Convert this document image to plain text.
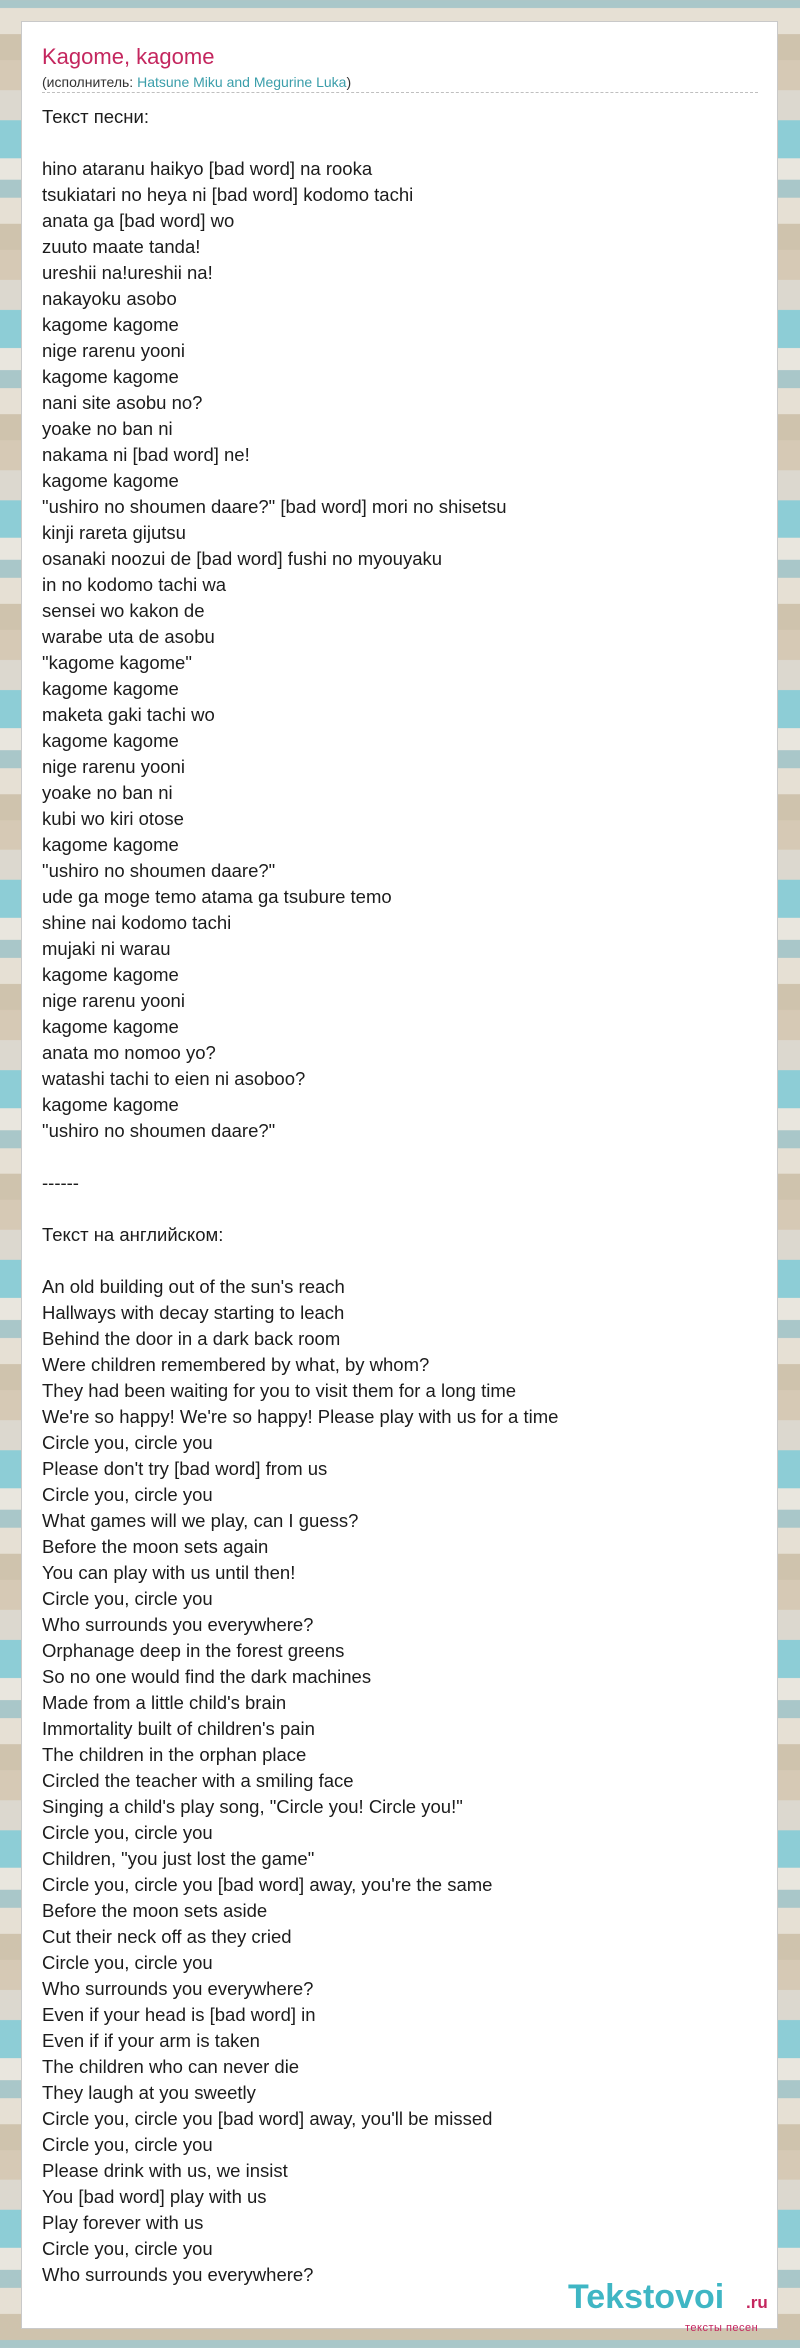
Kagome, kagome
(исполнитель: Hatsune Miku and Megurine Luka)
Текст песни:
hino ataranu haikyo [bad word] na rooka
tsukiatari no heya ni [bad word] kodomo tachi
anata ga [bad word] wo
zuuto maate tanda!
ureshii na!ureshii na!
nakayoku asobo
kagome kagome
nige rarenu yooni
kagome kagome
nani site asobu no?
yoake no ban ni
nakama ni [bad word] ne!
kagome kagome
"ushiro no shoumen daare?" [bad word] mori no shisetsu
kinji rareta gijutsu
osanaki noozui de [bad word] fushi no myouyaku
in no kodomo tachi wa
sensei wo kakon de
warabe uta de asobu
"kagome kagome"
kagome kagome
maketa gaki tachi wo
kagome kagome
nige rarenu yooni
yoake no ban ni
kubi wo kiri otose
kagome kagome
"ushiro no shoumen daare?"
ude ga moge temo atama ga tsubure temo
shine nai kodomo tachi
mujaki ni warau
kagome kagome
nige rarenu yooni
kagome kagome
anata mo nomoo yo?
watashi tachi to eien ni asoboo?
kagome kagome
"ushiro no shoumen daare?"
------
Текст на английском:
An old building out of the sun's reach
Hallways with decay starting to leach
Behind the door in a dark back room
Were children remembered by what, by whom?
They had been waiting for you to visit them for a long time
We're so happy! We're so happy! Please play with us for a time
Circle you, circle you
Please don't try [bad word] from us
Circle you, circle you
What games will we play, can I guess?
Before the moon sets again
You can play with us until then!
Circle you, circle you
Who surrounds you everywhere?
Orphanage deep in the forest greens
So no one would find the dark machines
Made from a little child's brain
Immortality built of children's pain
The children in the orphan place
Circled the teacher with a smiling face
Singing a child's play song, "Circle you! Circle you!"
Circle you, circle you
Children, "you just lost the game"
Circle you, circle you [bad word] away, you're the same
Before the moon sets aside
Cut their neck off as they cried
Circle you, circle you
Who surrounds you everywhere?
Even if your head is [bad word] in
Even if if your arm is taken
The children who can never die
They laugh at you sweetly
Circle you, circle you [bad word] away, you'll be missed
Circle you, circle you
Please drink with us, we insist
You [bad word] play with us
Play forever with us
Circle you, circle you
Who surrounds you everywhere?
Tekstovoi .ru
тексты песен
